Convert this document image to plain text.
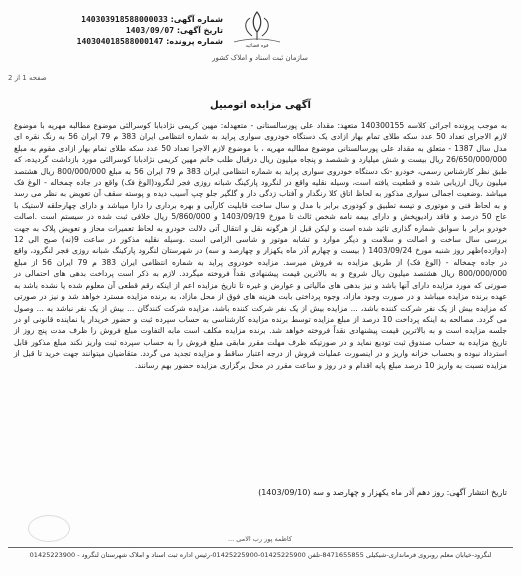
شماره آگهی: 140303918588000033
تاریخ آگهی: 1403/09/07
شماره پرونده: 140304018588000147	قوه قضائیه
سازمان ثبت اسناد و املاک کشور
صفحه 1 از 2
آگهی مزایده اتومبیل
به موجب پرونده اجرائی کلاسه 140300155 متعهد: مقداد علی پورسالستانی - متعهدله: مهین کریمی نژادبابا کوسرالئی موضوع مطالبه مهریه با موضوع لازم الاجرای تعداد 50 عدد سکه طلای تمام بهار ازادی یک دستگاه خودروی سواری پراید به شماره انتظامی ایران 383 م 79 ایران 56 به رنگ نقره ای مدل سال 1387 - متعلق به مقداد علی پورسالستانی موضوع مطالبه مهریه ، با موضوع لازم الاجرا تعداد 50 عدد سکه طلای تمام بهار ازادی مقوم به مبلغ 26/650/000/000 ریال بیست و شش میلیارد و ششصد و پنجاه میلیون ریال درقبال طلب خانم مهین کریمی نژادبابا کوسرالئی مورد بازداشت گردیده، که طبق نظر کارشناس رسمی، خودرو -تک دستگاه خودروی سواری پراید به شماره انتظامی ایران 383 م 79 ایران 56 به مبلغ 800/000/000 ریال هشتصد میلیون ریال ارزیابی شده و قطعیت یافته است، وسیله نقلیه واقع در لنگرود پارکینگ شبانه روزی فجر لنگرود(الوغ فک) واقع در جاده چمخاله - الوغ فک میباشد .وضعیت اجمالی سواری مذکور به لحاظ اتاق کلا رنگدار و آفتاب زدگی دار و گلگیر جلو چپ آسیب دیده و پوسته سقف آن تعویض به نظر می رسد و به لحاظ فنی و موتوری و تیسه تطبیق و کودوری برابر با مدل و سال ساخت قابلیت کارآیی و بهره برداری را دارا میباشد و دارای چهارحلقه لاستیک با عاج 50 درصد و فاقد رادیوپخش و دارای بیمه نامه شخص ثالث تا مورخ 1403/09/19 و 5/860/000 ریال خلافی ثبت شده در سیستم است .اصالت خودرو برابر با سوابق شماره گذاری تائید شده است و لیکن قبل از هرگونه نقل و انتقال آتی دلالت خودرو به لحاظ تعمیرات محاز و تعویض پلاک به جهت بررسی سال ساخت و اصالت و سلامت و دیگر موارد و تشابه موتور و شاسی الزامی است .وسیله نقلیه مذکور در ساعت 9(نه) صبح الی 12 (دوازده)ظهر روز شنبه مورخ 1403/09/24 ( بیست و چهارم آذر ماه یکهزار و چهارصد و سه) در شهرستان لنگرود پارکینگ شبانه روزی فجر لنگرود، واقع در جاده چمخاله - (الوغ فک) از طریق مزایده به فروش میرسد. مزایده خودروی پراید به شماره انتظامی ایران 383 م 79 ایران 56 از مبلغ 800/000/000 ریال هشتصد میلیون ریال شروع و به بالاترین قیمت پیشنهادی نقداً فروخته میگردد. لازم به ذکر است پرداخت بدهی های احتمالی در صورتی که مورد مزایده دارای آنها باشد و نیز بدهی های مالیاتی و عوارض و غیره تا تاریخ مزایده اعم از اینکه رقم قطعی آن معلوم شده یا نشده باشد به عهده برنده مزایده میباشد و در صورت وجود مازاد، وجوه پرداختی بابت هزینه های فوق از محل مازاد، به برنده مزایده مسترد خواهد شد و نیز در صورتی که مزایده بیش از یک نفر شرکت کننده باشد، ... مزایده بیش از یک نفر شرکت کننده باشد، مزایده شرکت کنندگان ... بیش از یک نفر نباشد به ... وصول می گردد. مصالحه به اینکه پرداخت 10 درصد از مبلغ مزایده توسط برنده مزایده کارشناسی به حساب سپرده ثبت و حضور خریدار یا نماینده قانونی او در جلسه مزایده است و به بالاترین قیمت پیشنهادی نقداً فروخته خواهد شد. برنده مزایده مکلف است مابه التفاوت مبلغ فروش را ظرف مدت پنج روز از تاریخ مزایده به حساب صندوق ثبت تودیع نماید و در صورتیکه ظرف مهلت مقرر مابقی مبلغ فروش را به حساب سپرده ثبت واریز نکند مبلغ مذکور قابل استرداد نبوده و بحساب خزانه واریز و در اینصورت عملیات فروش از درجه اعتبار ساقط و مزایده تجدید می گردد. متقاضیان میتوانند جهت خرید تا قبل از مزایده نسبت به واریز 10 درصد مبلغ پایه اقدام و در روز و ساعت مقرر در محل برگزاری مزایده حضور بهم رسانند.
تاریخ انتشار آگهی: روز دهم آذر ماه یکهزار و چهارصد و سه (1403/09/10)
کاظمه پور رب الامی ...
لنگرود-خیابان معلم روبروی فرمانداری-شیکیلی 8471655855-تلفن 01425225900-01425225900-رئیس اداره ثبت اسناد و املاک شهرستان لنگرود - 01425223900
